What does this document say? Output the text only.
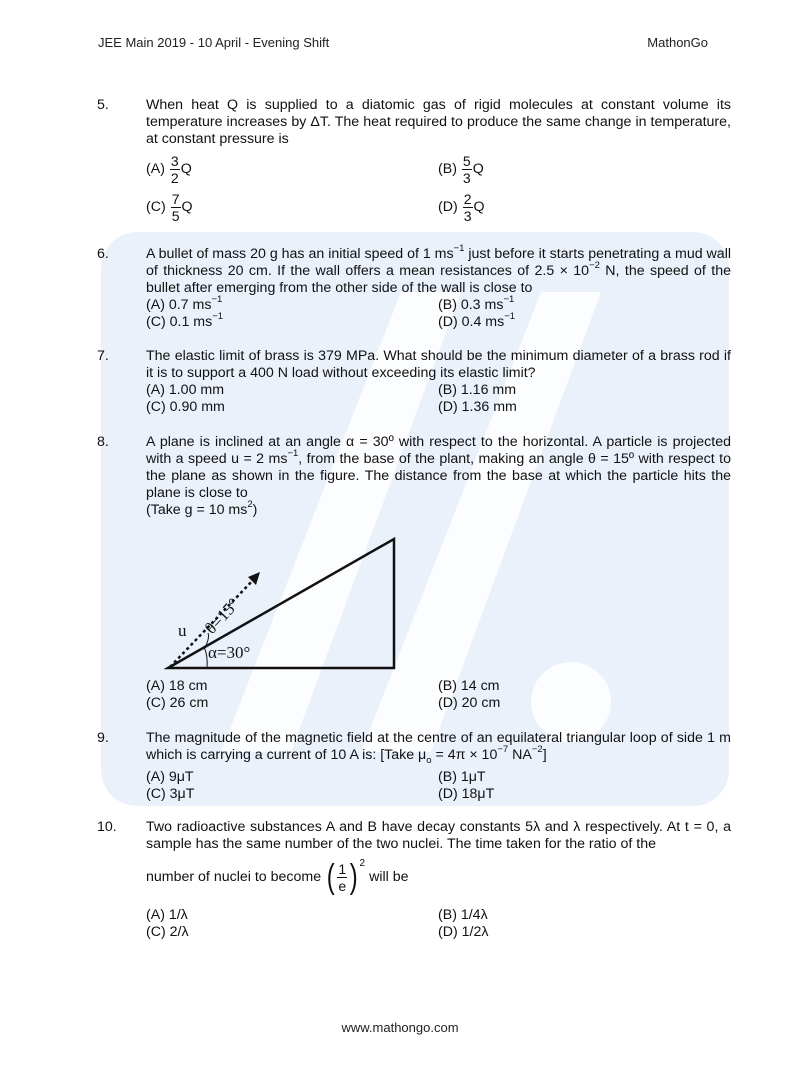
JEE Main 2019 - 10 April - Evening Shift	MathonGo
5.	When heat Q is supplied to a diatomic gas of rigid molecules at constant volume its temperature increases by ΔT. The heat required to produce the same change in temperature, at constant pressure is
$(A) \frac{3}{2}$ Q	$(B) \frac{5}{3}$ Q
$(C) \frac{7}{5}$ Q	$(D) \frac{2}{3}$ Q
6.	A bullet of mass 20 g has an initial speed of 1 $ms^{-1}$ just before it starts penetrating a mud wall of thickness 20 cm. If the wall offers a mean resistances of $2.5 \times 10^{-2}$ N, the speed of the bullet after emerging from the other side of the wall is close to
(A) 0.7 $ms^{-1}$	(B) 0.3 $ms^{-1}$
(C) 0.1 $ms^{-1}$	(D) 0.4 $ms^{-1}$
7.	The elastic limit of brass is 379 MPa. What should be the minimum diameter of a brass rod if it is to support a 400 N load without exceeding its elastic limit?
(A) 1.00 mm	(B) 1.16 mm
(C) 0.90 mm	(D) 1.36 mm
8.	A plane is inclined at an angle α = 30º with respect to the horizontal. A particle is projected with a speed u = 2 $ms^{-1}$, from the base of the plant, making an angle θ = 15º with respect to the plane as shown in the figure. The distance from the base at which the particle hits the plane is close to
(Take g = 10 $ms^2$)
u θ=15°
α=30°
(A) 18 cm	(B) 14 cm
(C) 26 cm	(D) 20 cm
9.	The magnitude of the magnetic field at the centre of an equilateral triangular loop of side 1 m which is carrying a current of 10 A is: [Take $\mu_o = 4\pi \times 10^{-7}$ $NA^{-2}$]
(A) 9μT	(B) 1μT
(C) 3μT	(D) 18μT
10. Two radioactive substances A and B have decay constants 5λ and λ respectively. At t = 0, a sample has the same number of the two nuclei. The time taken for the ratio of the
number of nuclei to become ( $\frac{1}{e}$ ) 2
will be
(A) 1/λ	(B) 1/4λ
(C) 2/λ	(D) 1/2λ
www.mathongo.com
